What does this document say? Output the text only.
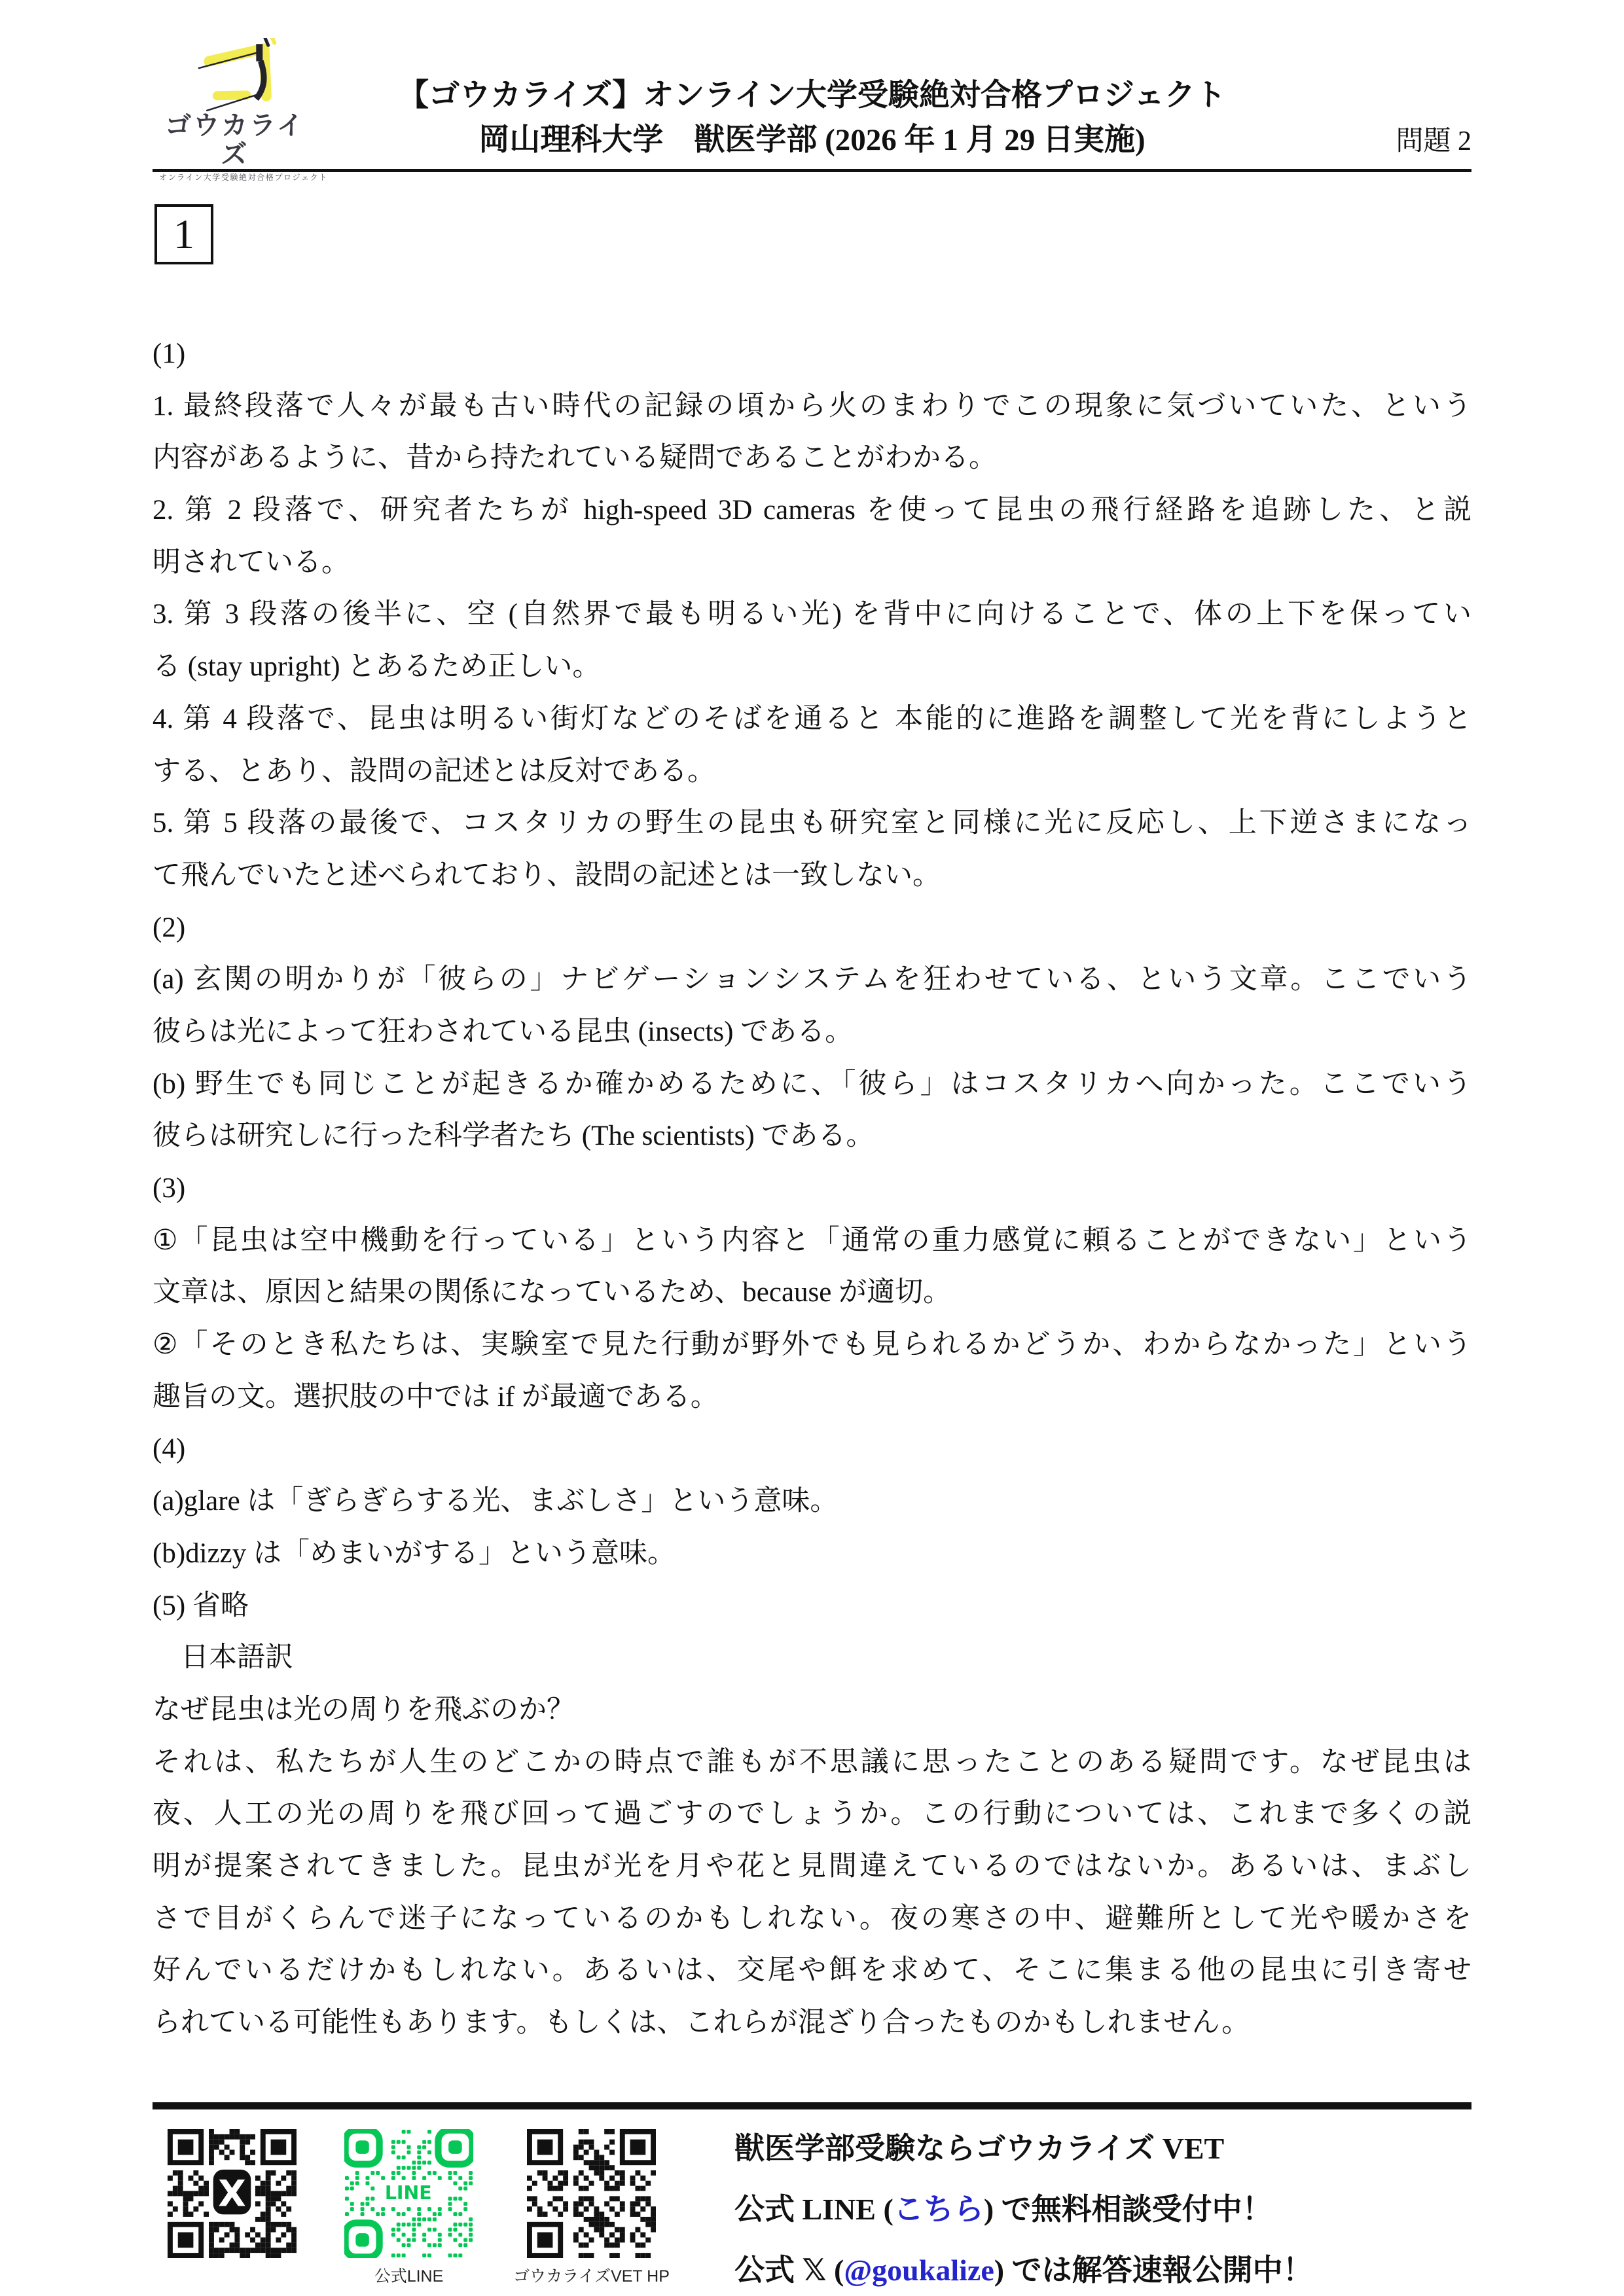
ゴウカライズ
オンライン大学受験絶対合格プロジェクト
【ゴウカライズ】オンライン大学受験絶対合格プロジェクト
岡山理科大学　獣医学部 (2026 年 1 月 29 日実施)	問題 2
1
(1)
1. 最終段落で人々が最も古い時代の記録の頃から火のまわりでこの現象に気づいていた、という
内容があるように、昔から持たれている疑問であることがわかる。
2. 第 2 段落で、研究者たちが high-speed 3D cameras を使って昆虫の飛行経路を追跡した、と説
明されている。
3. 第 3 段落の後半に、空 (自然界で最も明るい光) を背中に向けることで、体の上下を保ってい
る (stay upright) とあるため正しい。
4. 第 4 段落で、昆虫は明るい街灯などのそばを通ると 本能的に進路を調整して光を背にしようと
する、とあり、設問の記述とは反対である。
5. 第 5 段落の最後で、コスタリカの野生の昆虫も研究室と同様に光に反応し、上下逆さまになっ
て飛んでいたと述べられており、設問の記述とは一致しない。
(2)
(a) 玄関の明かりが「彼らの」ナビゲーションシステムを狂わせている、という文章。ここでいう
彼らは光によって狂わされている昆虫 (insects) である。
(b) 野生でも同じことが起きるか確かめるために、「彼ら」はコスタリカへ向かった。ここでいう
彼らは研究しに行った科学者たち (The scientists) である。
(3)
①「昆虫は空中機動を行っている」という内容と「通常の重力感覚に頼ることができない」という
文章は、原因と結果の関係になっているため、because が適切。
②「そのとき私たちは、実験室で見た行動が野外でも見られるかどうか、わからなかった」という
趣旨の文。選択肢の中では if が最適である。
(4)
(a)glare は「ぎらぎらする光、まぶしさ」という意味。
(b)dizzy は「めまいがする」という意味。
(5) 省略
　日本語訳
なぜ昆虫は光の周りを飛ぶのか？
それは、私たちが人生のどこかの時点で誰もが不思議に思ったことのある疑問です。なぜ昆虫は
夜、人工の光の周りを飛び回って過ごすのでしょうか。この行動については、これまで多くの説
明が提案されてきました。昆虫が光を月や花と見間違えているのではないか。あるいは、まぶし
さで目がくらんで迷子になっているのかもしれない。夜の寒さの中、避難所として光や暖かさを
好んでいるだけかもしれない。あるいは、交尾や餌を求めて、そこに集まる他の昆虫に引き寄せ
られている可能性もあります。もしくは、これらが混ざり合ったものかもしれません。
X	LINE
公式LINE	ゴウカライズVET HP
獣医学部受験ならゴウカライズ VET
公式 LINE (こちら) で無料相談受付中！
公式 𝕏 (@goukalize) では解答速報公開中！
